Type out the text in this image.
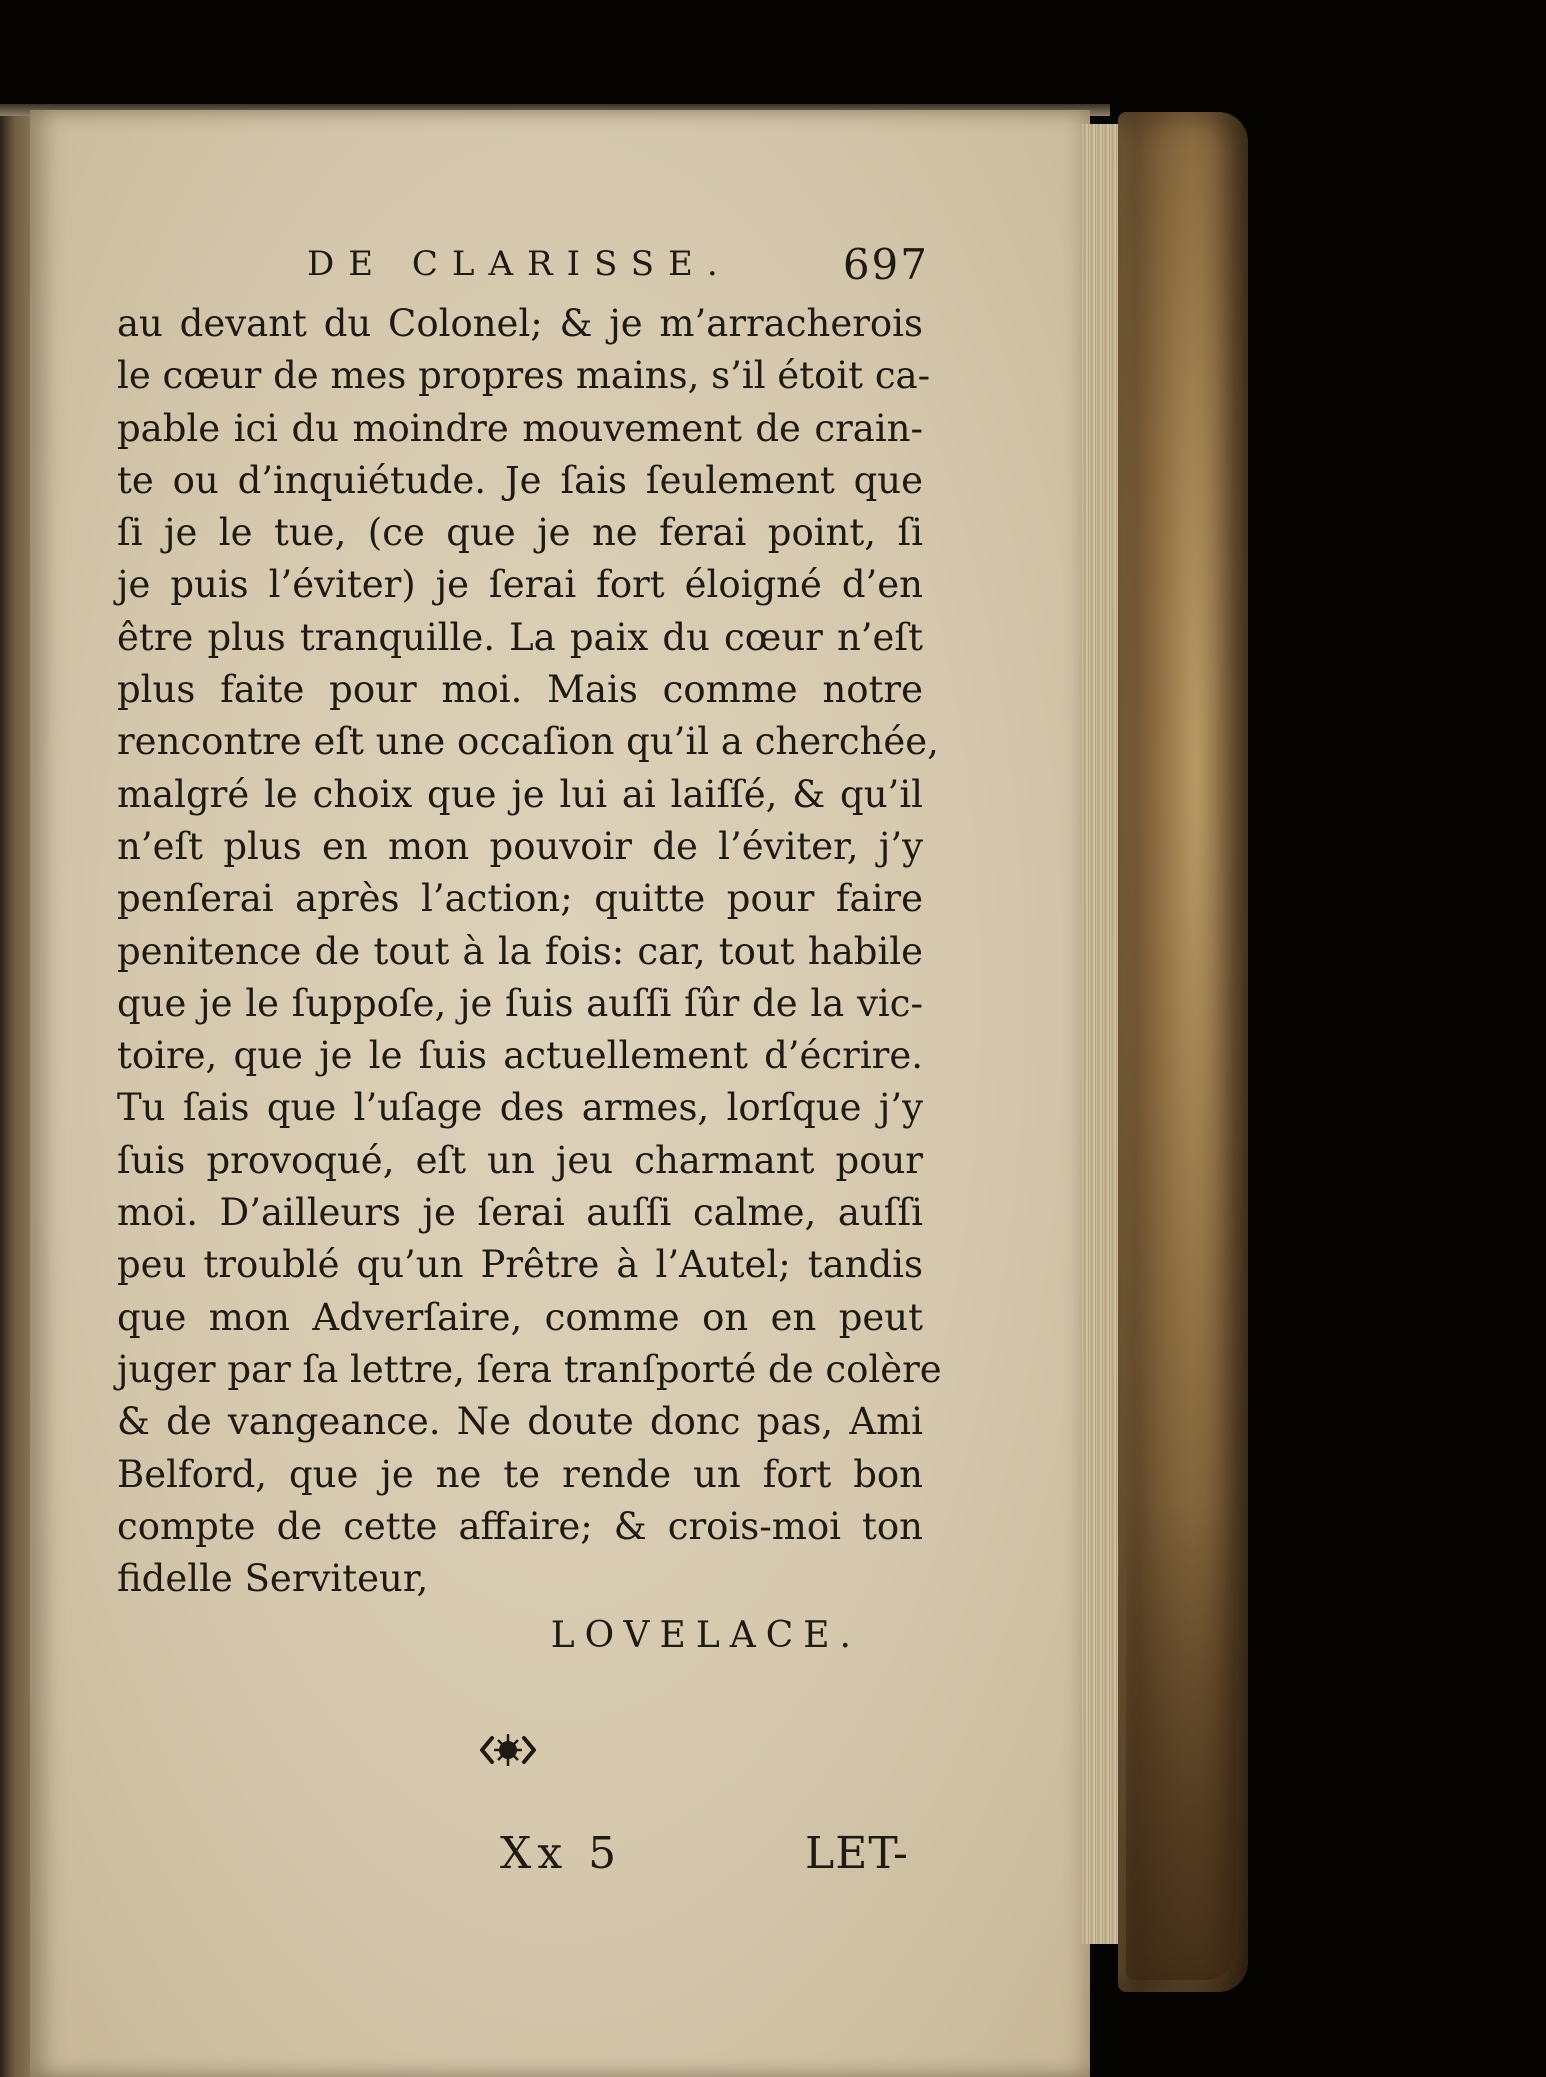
DE CLARISSE.	697
au devant du Colonel; & je m’arracherois
le cœur de mes propres mains, s’il étoit ca-
pable ici du moindre mouvement de crain-
te ou d’inquiétude. Je ſais ſeulement que
ſi je le tue, (ce que je ne ferai point, ſi
je puis l’éviter) je ſerai fort éloigné d’en
être plus tranquille. La paix du cœur n’eſt
plus faite pour moi. Mais comme notre
rencontre eſt une occaſion qu’il a cherchée,
malgré le choix que je lui ai laiſſé, & qu’il
n’eſt plus en mon pouvoir de l’éviter, j’y
penſerai après l’action; quitte pour faire
penitence de tout à la fois: car, tout habile
que je le ſuppoſe, je ſuis auſſi ſûr de la vic-
toire, que je le ſuis actuellement d’écrire.
Tu ſais que l’uſage des armes, lorſque j’y
ſuis provoqué, eſt un jeu charmant pour
moi. D’ailleurs je ſerai auſſi calme, auſſi
peu troublé qu’un Prêtre à l’Autel; tandis
que mon Adverſaire, comme on en peut
juger par ſa lettre, ſera tranſporté de colère
& de vangeance. Ne doute donc pas, Ami
Belford, que je ne te rende un fort bon
compte de cette affaire; & crois-moi ton
fidelle Serviteur,
LOVELACE.
Xx 5	LET-
